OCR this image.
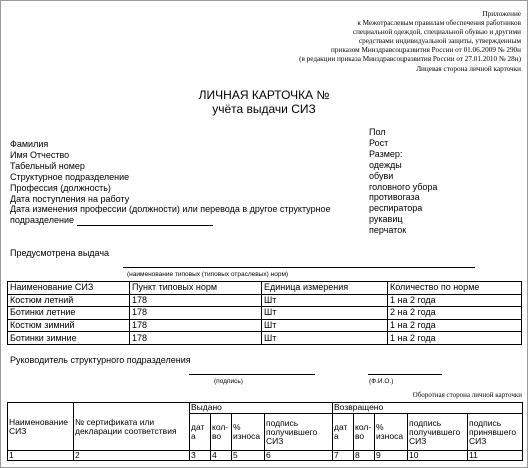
Приложение
к Межотраслевым правилам обеспечения работников
специальной одеждой, специальной обувью и другими
средствами индивидуальной защиты, утвержденным
приказом Минздравсоцразвития России от 01.06.2009 № 290н
(в редакции приказа Минздравсоцразвития России от 27.01.2010 № 28н)
Лицевая сторона личной карточки
ЛИЧНАЯ КАРТОЧКА №
учёта выдачи СИЗ
Фамилия
Имя Отчество
Табельный номер
Структурное подразделение
Профессия (должность)
Дата поступления на работу
Дата изменения профессии (должности) или перевода в другое структурное
подразделение
Пол
Рост
Размер:
одежды
обуви
головного убора
противогаза
респиратора
рукавиц
перчаток
Предусмотрена выдача
(наименование типовых (типовых отраслевых) норм)
Наименование СИЗ	Пункт типовых норм	Единица измерения	Количество по норме
Костюм летний	178	Шт	1 на 2 года
Ботинки летние	178	Шт	2 на 2 года
Костюм зимний	178	Шт	1 на 2 года
Ботинки зимние	178	Шт	1 на 2 года
Руководитель структурного подразделения
(подпись)	(Ф.И.О.)
Оборотная сторона личной карточки
Наименование СИЗ	№ сертификата или декларации соответствия	Выдано				Возвращено				
		дата	кол-во	% износа	подпись получившего СИЗ	дата	кол-во	% износа	подпись получившего СИЗ	подпись принявшего СИЗ
1	2	3	4	5	6	7	8	9	10	11
